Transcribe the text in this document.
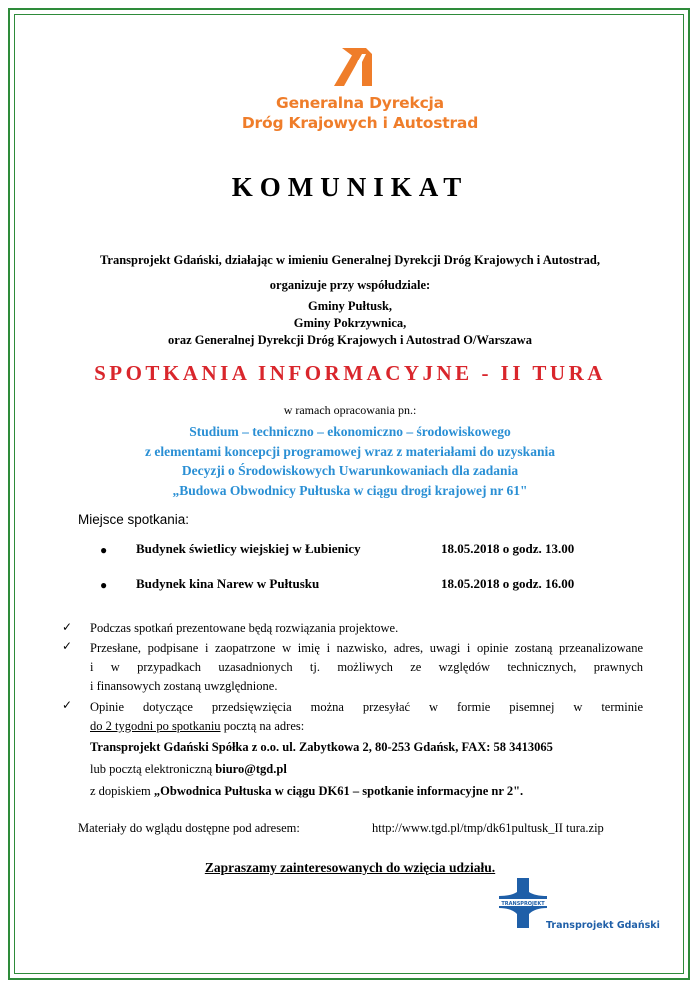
Generalna Dyrekcja
Dróg Krajowych i Autostrad
KOMUNIKAT
Transprojekt Gdański, działając w imieniu Generalnej Dyrekcji Dróg Krajowych i Autostrad,
organizuje przy współudziale:
Gminy Pułtusk,
Gminy Pokrzywnica,
oraz Generalnej Dyrekcji Dróg Krajowych i Autostrad O/Warszawa
SPOTKANIA INFORMACYJNE - II TURA
w ramach opracowania pn.:
Studium – techniczno – ekonomiczno – środowiskowego
z elementami koncepcji programowej wraz z materiałami do uzyskania
Decyzji o Środowiskowych Uwarunkowaniach dla zadania
„Budowa Obwodnicy Pułtuska w ciągu drogi krajowej nr 61"
Miejsce spotkania:
● Budynek świetlicy wiejskiej w Łubienicy	18.05.2018 o godz. 13.00
● Budynek kina Narew w Pułtusku	18.05.2018 o godz. 16.00
✓ Podczas spotkań prezentowane będą rozwiązania projektowe.
✓ Przesłane, podpisane i zaopatrzone w imię i nazwisko, adres, uwagi i opinie zostaną przeanalizowane
i w przypadkach uzasadnionych tj. możliwych ze względów technicznych, prawnych
i finansowych zostaną uwzględnione.
✓ Opinie dotyczące przedsięwzięcia można przesyłać w formie pisemnej w terminie
do 2 tygodni po spotkaniu pocztą na adres:
Transprojekt Gdański Spółka z o.o. ul. Zabytkowa 2, 80-253 Gdańsk, FAX: 58 3413065
lub pocztą elektroniczną biuro@tgd.pl
z dopiskiem „Obwodnica Pułtuska w ciągu DK61 – spotkanie informacyjne nr 2".
Materiały do wglądu dostępne pod adresem:	http://www.tgd.pl/tmp/dk61pultusk_II tura.zip
Zapraszamy zainteresowanych do wzięcia udziału.
TRANSPROJEKT
Transprojekt Gdański
